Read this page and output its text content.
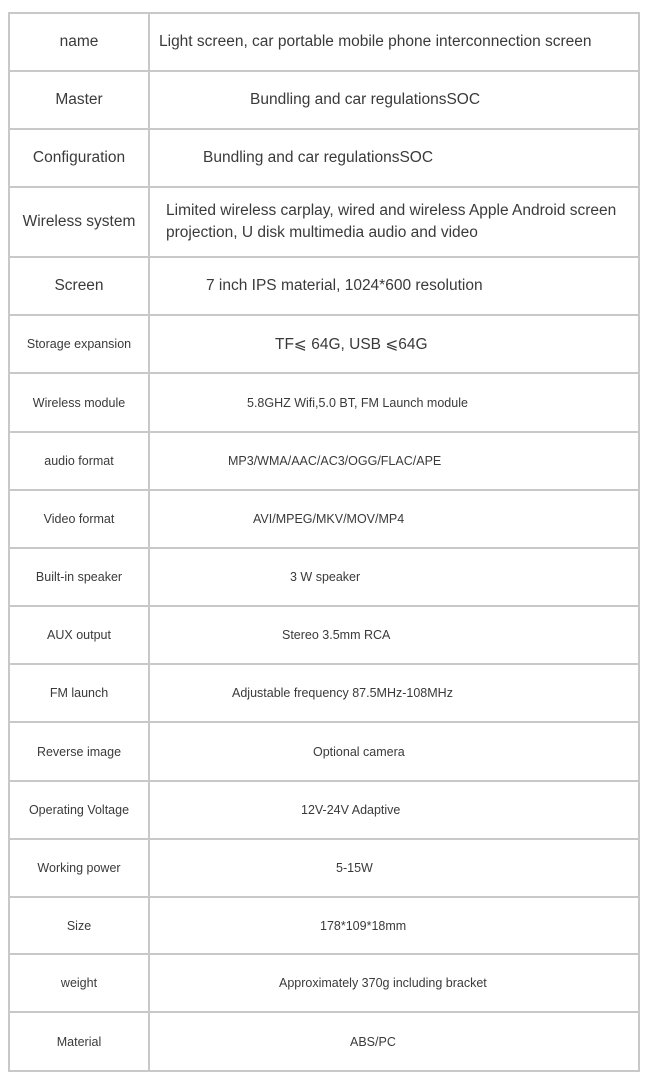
name	Light screen, car portable mobile phone interconnection screen
Master	Bundling and car regulationsSOC
Configuration	Bundling and car regulationsSOC
Wireless system	Limited wireless carplay, wired and wireless Apple Android screen projection, U disk multimedia audio and video
Screen	7 inch IPS material, 1024*600 resolution
Storage expansion	TF⩽ 64G, USB ⩽64G
Wireless module	5.8GHZ Wifi,5.0 BT, FM Launch module
audio format	MP3/WMA/AAC/AC3/OGG/FLAC/APE
Video format	AVI/MPEG/MKV/MOV/MP4
Built-in speaker	3 W speaker
AUX output	Stereo 3.5mm RCA
FM launch	Adjustable frequency 87.5MHz-108MHz
Reverse image	Optional camera
Operating Voltage	12V-24V Adaptive
Working power	5-15W
Size	178*109*18mm
weight	Approximately 370g including bracket
Material	ABS/PC
